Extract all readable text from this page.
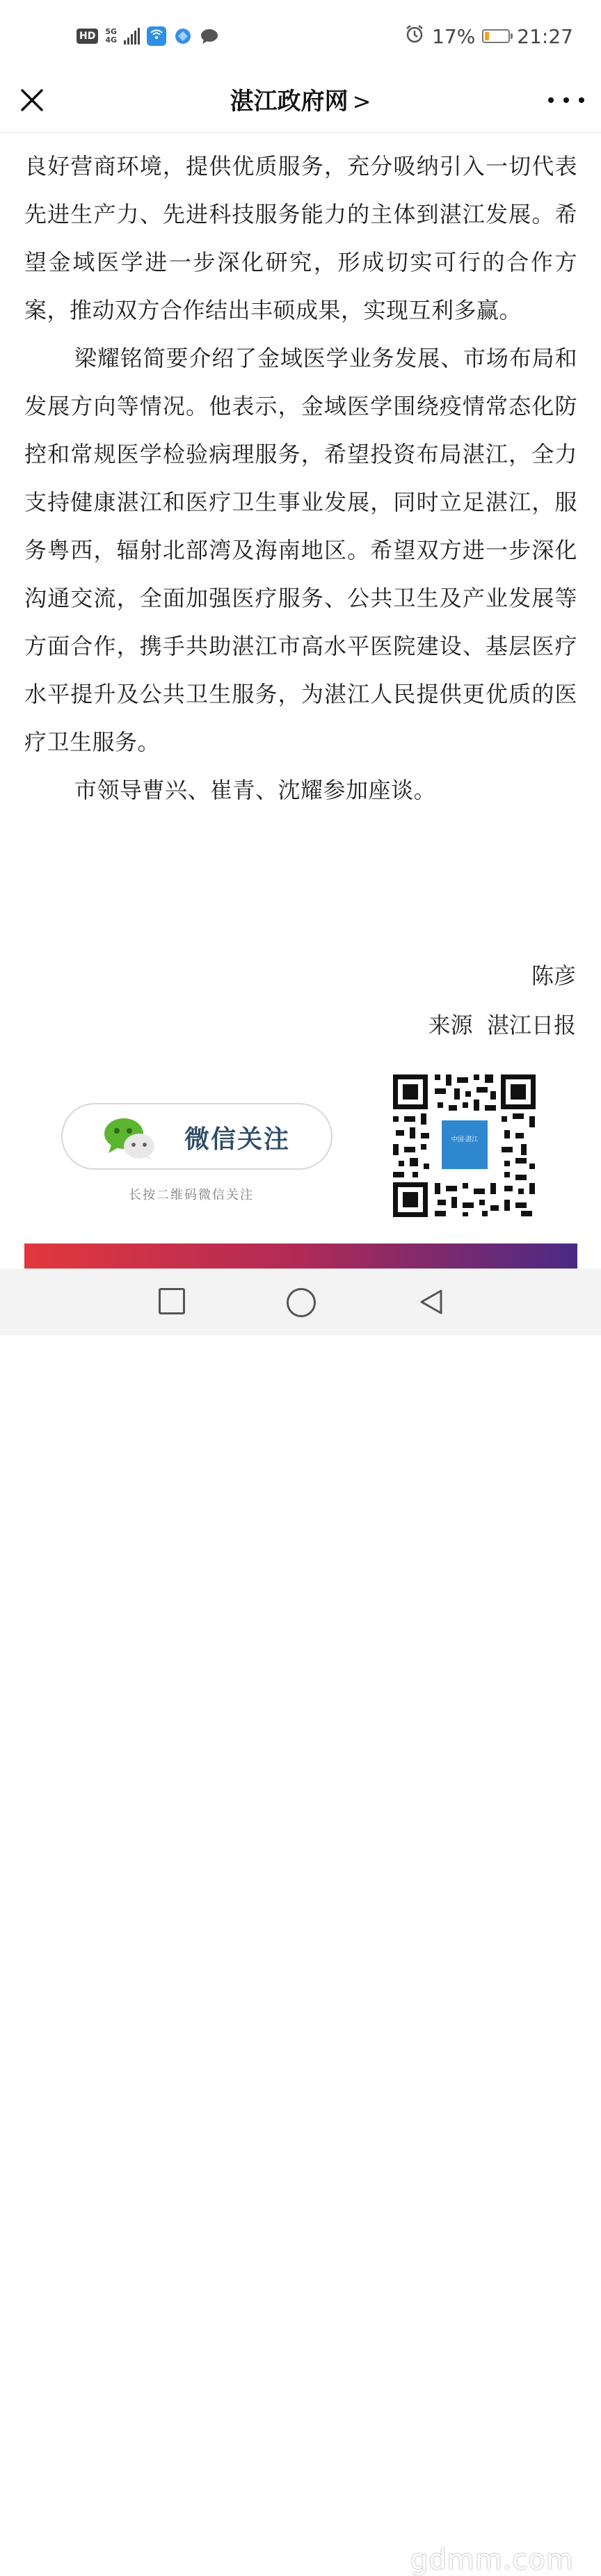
HD	5G
4G	17% 21:27
湛江政府网 >

良好营商环境，提供优质服务，充分吸纳引入一切代表先进生产力、先进科技服务能力的主体到湛江发展。希望金域医学进一步深化研究，形成切实可行的合作方案，推动双方合作结出丰硕成果，实现互利多赢。

梁耀铭简要介绍了金域医学业务发展、市场布局和发展方向等情况。他表示，金域医学围绕疫情常态化防控和常规医学检验病理服务，希望投资布局湛江，全力支持健康湛江和医疗卫生事业发展，同时立足湛江，服务粤西，辐射北部湾及海南地区。希望双方进一步深化沟通交流，全面加强医疗服务、公共卫生及产业发展等方面合作，携手共助湛江市高水平医院建设、基层医疗水平提升及公共卫生服务，为湛江人民提供更优质的医疗卫生服务。

市领导曹兴、崔青、沈耀参加座谈。

陈彦
来源  湛江日报
微信关注
长按二维码微信关注
中国·湛江
gdmm.com
